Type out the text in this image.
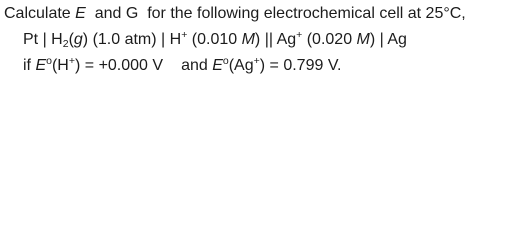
Calculate E  and G  for the following electrochemical cell at 25°C,
Pt | $H_2(g)$ (1.0 atm) | H+ (0.010 M) || Ag+ (0.020 M) | Ag
if $E^o(H^+) = +0.000$ V and $E^o(Ag^+) = 0.799$ V.
